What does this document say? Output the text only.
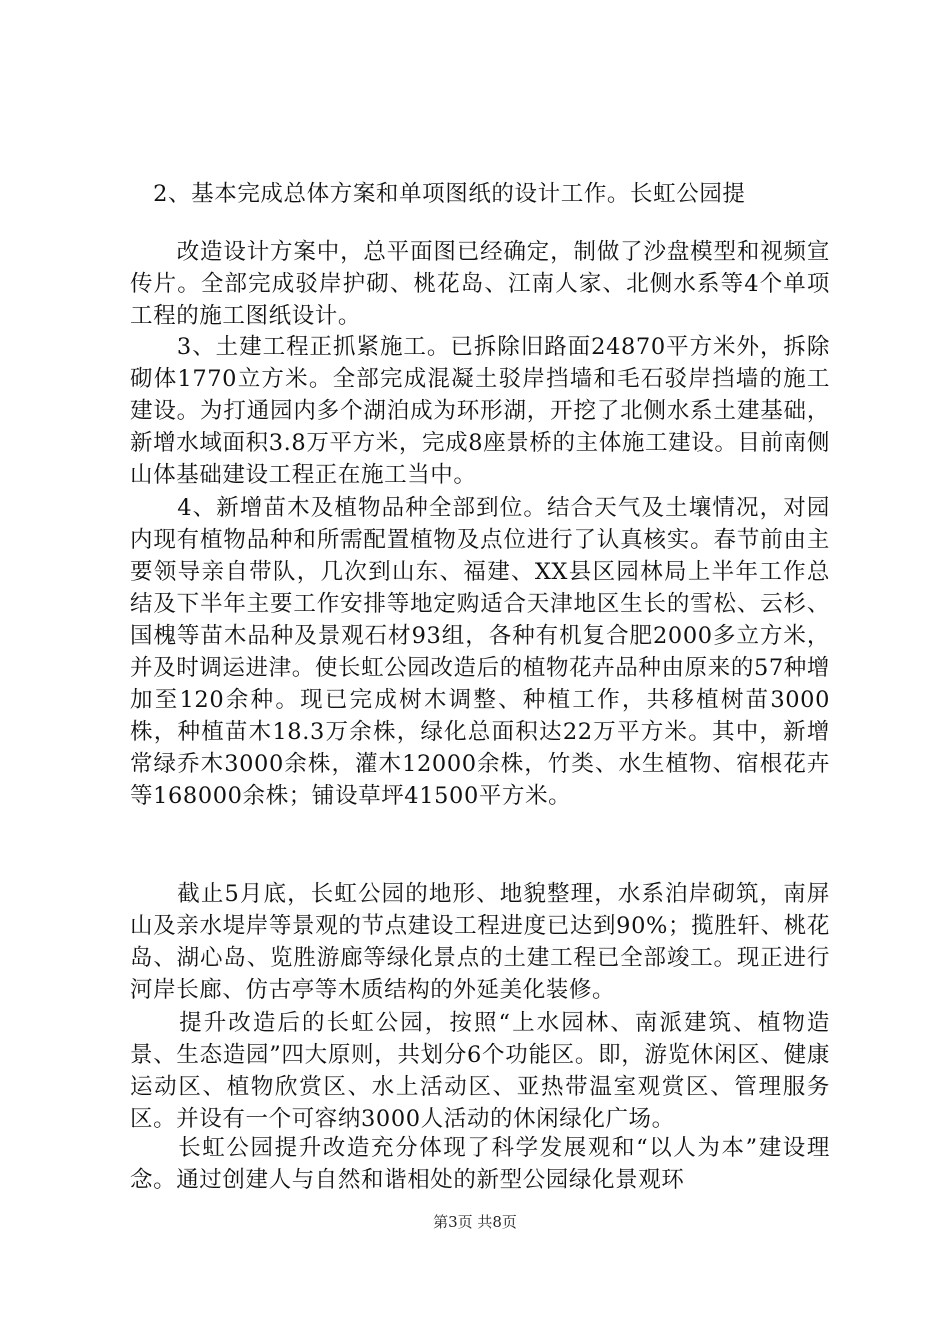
　2、基本完成总体方案和单项图纸的设计工作。长虹公园提

　　改造设计方案中，总平面图已经确定，制做了沙盘模型和视频宣传片。全部完成驳岸护砌、桃花岛、江南人家、北侧水系等4个单项工程的施工图纸设计。

　　3、土建工程正抓紧施工。已拆除旧路面24870平方米外，拆除砌体1770立方米。全部完成混凝土驳岸挡墙和毛石驳岸挡墙的施工建设。为打通园内多个湖泊成为环形湖，开挖了北侧水系土建基础，新增水域面积3.8万平方米，完成8座景桥的主体施工建设。目前南侧山体基础建设工程正在施工当中。

　　4、新增苗木及植物品种全部到位。结合天气及土壤情况，对园内现有植物品种和所需配置植物及点位进行了认真核实。春节前由主要领导亲自带队，几次到山东、福建、XX县区园林局上半年工作总结及下半年主要工作安排等地定购适合天津地区生长的雪松、云杉、国槐等苗木品种及景观石材93组，各种有机复合肥2000多立方米，并及时调运进津。使长虹公园改造后的植物花卉品种由原来的57种增加至120余种。现已完成树木调整、种植工作，共移植树苗3000株，种植苗木18.3万余株，绿化总面积达22万平方米。其中，新增常绿乔木3000余株，灌木12000余株，竹类、水生植物、宿根花卉等168000余株；铺设草坪41500平方米。

　　截止5月底，长虹公园的地形、地貌整理，水系泊岸砌筑，南屏山及亲水堤岸等景观的节点建设工程进度已达到90%；揽胜轩、桃花岛、湖心岛、览胜游廊等绿化景点的土建工程已全部竣工。现正进行河岸长廊、仿古亭等木质结构的外延美化装修。

　　提升改造后的长虹公园，按照“上水园林、南派建筑、植物造景、生态造园”四大原则，共划分6个功能区。即，游览休闲区、健康运动区、植物欣赏区、水上活动区、亚热带温室观赏区、管理服务区。并设有一个可容纳3000人活动的休闲绿化广场。

　　长虹公园提升改造充分体现了科学发展观和“以人为本”建设理念。通过创建人与自然和谐相处的新型公园绿化景观环

第3页 共8页
